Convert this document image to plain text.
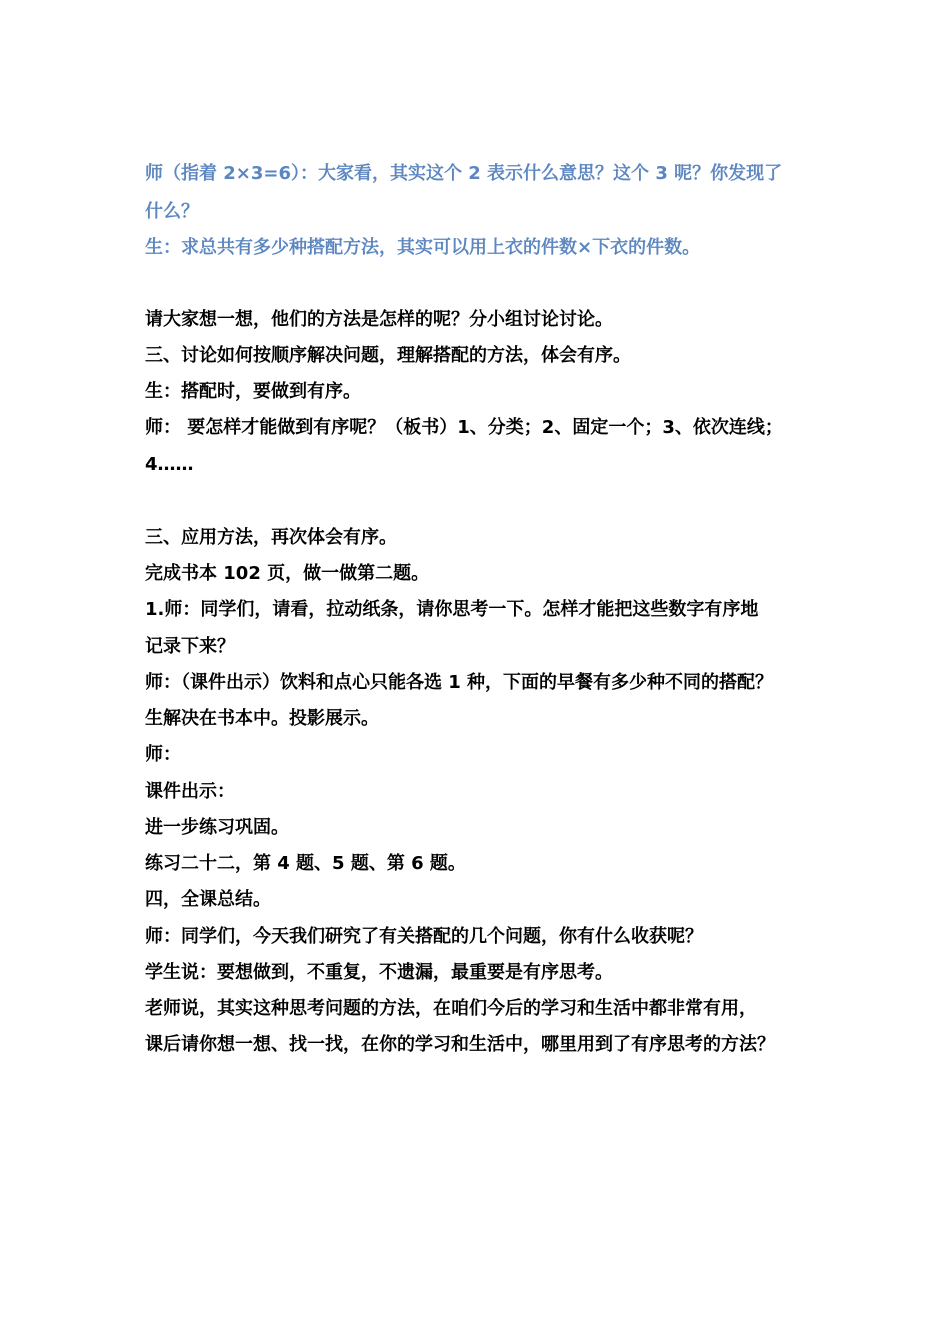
师（指着 2×3=6）：大家看，其实这个 2 表示什么意思？这个 3 呢？你发现了
什么？
生：求总共有多少种搭配方法，其实可以用上衣的件数×下衣的件数。
请大家想一想，他们的方法是怎样的呢？分小组讨论讨论。
三、讨论如何按顺序解决问题，理解搭配的方法，体会有序。
生：搭配时，要做到有序。
师： 要怎样才能做到有序呢？（板书）1、分类；2、固定一个；3、依次连线；
4……
三、应用方法，再次体会有序。
完成书本 102 页，做一做第二题。
1.师：同学们，请看，拉动纸条，请你思考一下。怎样才能把这些数字有序地
记录下来？
师：（课件出示）饮料和点心只能各选 1 种，下面的早餐有多少种不同的搭配？
生解决在书本中。投影展示。
师：
课件出示：
进一步练习巩固。
练习二十二，第 4 题、5 题、第 6 题。
四，全课总结。
师：同学们，今天我们研究了有关搭配的几个问题，你有什么收获呢？
学生说：要想做到，不重复，不遗漏，最重要是有序思考。
老师说，其实这种思考问题的方法，在咱们今后的学习和生活中都非常有用，
课后请你想一想、找一找，在你的学习和生活中，哪里用到了有序思考的方法？
